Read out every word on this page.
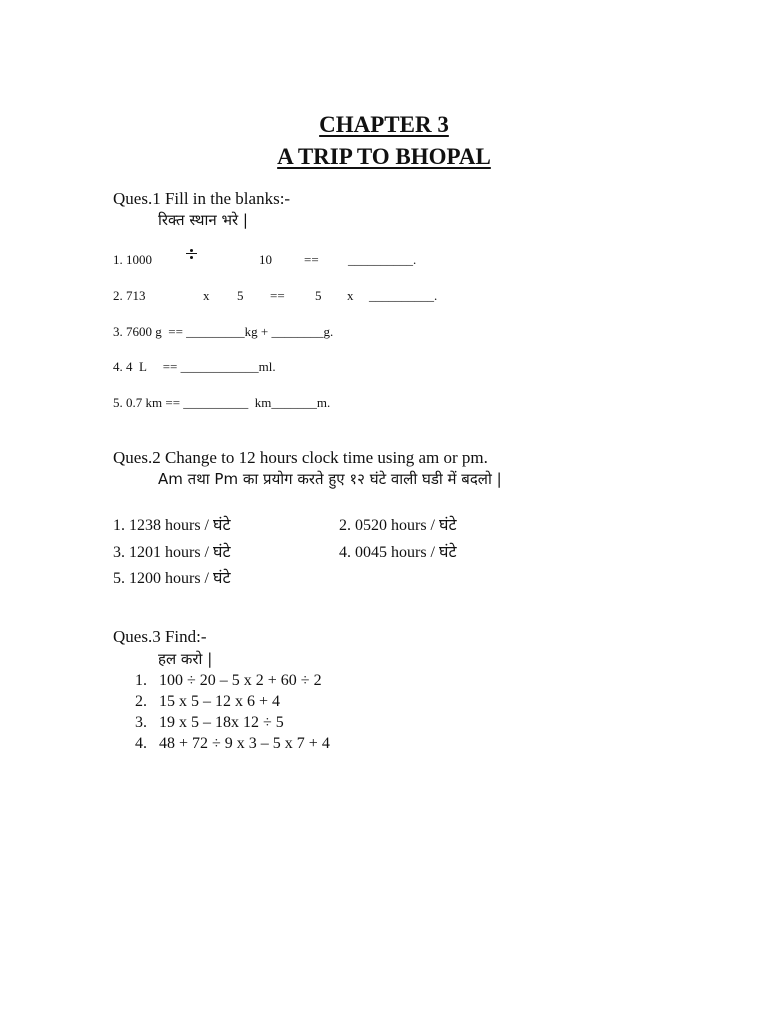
CHAPTER 3
A TRIP TO BHOPAL
Ques.1 Fill in the blanks:-
रिक्त स्थान भरे |
1. 1000	10 == __________.
2. 713	x 5 == 5 x __________.
3. 7600 g  == _________kg + ________g.
4. 4  L     == ____________ml.
5. 0.7 km == __________  km_______m.
Ques.2 Change to 12 hours clock time using am or pm.
Am तथा Pm का प्रयोग करते हुए १२ घंटे वाली घडी में बदलो |
1. 1238 hours / घंटे	2. 0520 hours / घंटे
3. 1201 hours / घंटे	4. 0045 hours / घंटे
5. 1200 hours / घंटे
Ques.3 Find:-
हल करो |
1. 100 ÷ 20 – 5 x 2 + 60 ÷ 2
2. 15 x 5 – 12 x 6 + 4
3. 19 x 5 – 18x 12 ÷ 5
4. 48 + 72 ÷ 9 x 3 – 5 x 7 + 4
